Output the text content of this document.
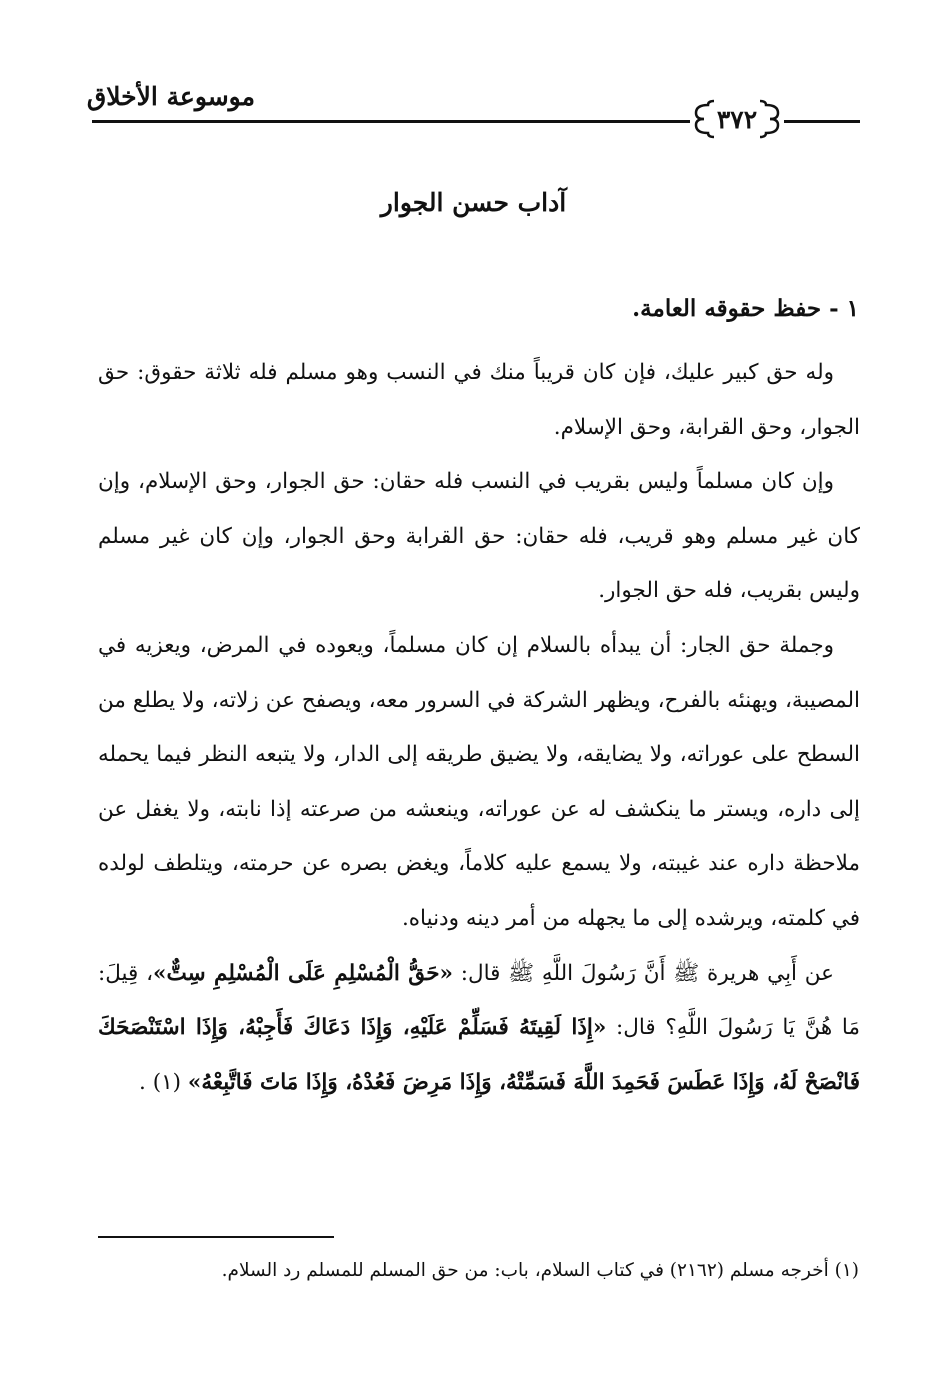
موسوعة الأخلاق
٣٧٢
آداب حسن الجوار
١ - حفظ حقوقه العامة.

وله حق كبير عليك، فإن كان قريباً منك في النسب وهو مسلم فله ثلاثة حقوق: حق الجوار، وحق القرابة، وحق الإسلام.

وإن كان مسلماً وليس بقريب في النسب فله حقان: حق الجوار، وحق الإسلام، وإن كان غير مسلم وهو قريب، فله حقان: حق القرابة وحق الجوار، وإن كان غير مسلم وليس بقريب، فله حق الجوار.

وجملة حق الجار: أن يبدأه بالسلام إن كان مسلماً، ويعوده في المرض، ويعزيه في المصيبة، ويهنئه بالفرح، ويظهر الشركة في السرور معه، ويصفح عن زلاته، ولا يطلع من السطح على عوراته، ولا يضايقه، ولا يضيق طريقه إلى الدار، ولا يتبعه النظر فيما يحمله إلى داره، ويستر ما ينكشف له عن عوراته، وينعشه من صرعته إذا نابته، ولا يغفل عن ملاحظة داره عند غيبته، ولا يسمع عليه كلاماً، ويغض بصره عن حرمته، ويتلطف لولده في كلمته، ويرشده إلى ما يجهله من أمر دينه ودنياه.

عن أَبِي هريرة ﷺ أَنَّ رَسُولَ اللَّهِ ﷺ قال: «حَقُّ الْمُسْلِمِ عَلَى الْمُسْلِمِ سِتٌّ»، قِيلَ: مَا هُنَّ يَا رَسُولَ اللَّهِ؟ قال: «إِذَا لَقِيتَهُ فَسَلِّمْ عَلَيْهِ، وَإِذَا دَعَاكَ فَأَجِبْهُ، وَإِذَا اسْتَنْصَحَكَ فَانْصَحْ لَهُ، وَإِذَا عَطَسَ فَحَمِدَ اللَّهَ فَسَمِّتْهُ، وَإِذَا مَرِضَ فَعُدْهُ، وَإِذَا مَاتَ فَاتَّبِعْهُ» (١) .

(١) أخرجه مسلم (٢١٦٢) في كتاب السلام، باب: من حق المسلم للمسلم رد السلام.
